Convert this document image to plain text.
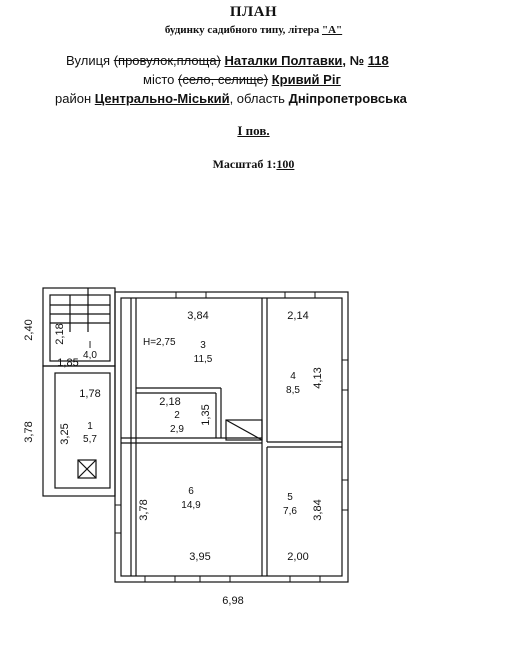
ПЛАН
будинку садибного типу, літера "А"
Вулиця (провулок,площа) Наталки Полтавки, № 118
місто (село, селище) Кривий Ріг
район Центрально-Міський, область Дніпропетровська
І пов.
Масштаб 1:100
Н=2,75
І
4,0
1
5,7
2
2,9
3
11,5
4
8,5
5
7,6
6
14,9
2,40 2,18
1,85
1,78
3,78 3,25
3,84	2,14
4,13
2,18
1,35
3,78	3,84
3,95	2,00
6,98
